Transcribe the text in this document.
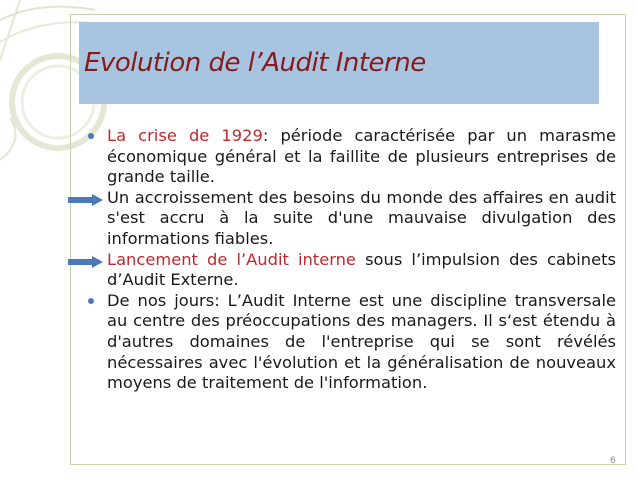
Evolution de l’Audit Interne
La crise de 1929: période caractérisée par un marasme économique général et la faillite de plusieurs entreprises de grande taille.
Un accroissement des besoins du monde des affaires en audit s'est accru à la suite d'une mauvaise divulgation des informations fiables.
Lancement de l’Audit interne sous l’impulsion des cabinets d’Audit Externe.
De nos jours: L’Audit Interne est une discipline transversale au centre des préoccupations des managers. Il s‘est étendu à d'autres domaines de l'entreprise qui se sont révélés nécessaires avec l'évolution et la généralisation de nouveaux moyens de traitement de l'information.
6
